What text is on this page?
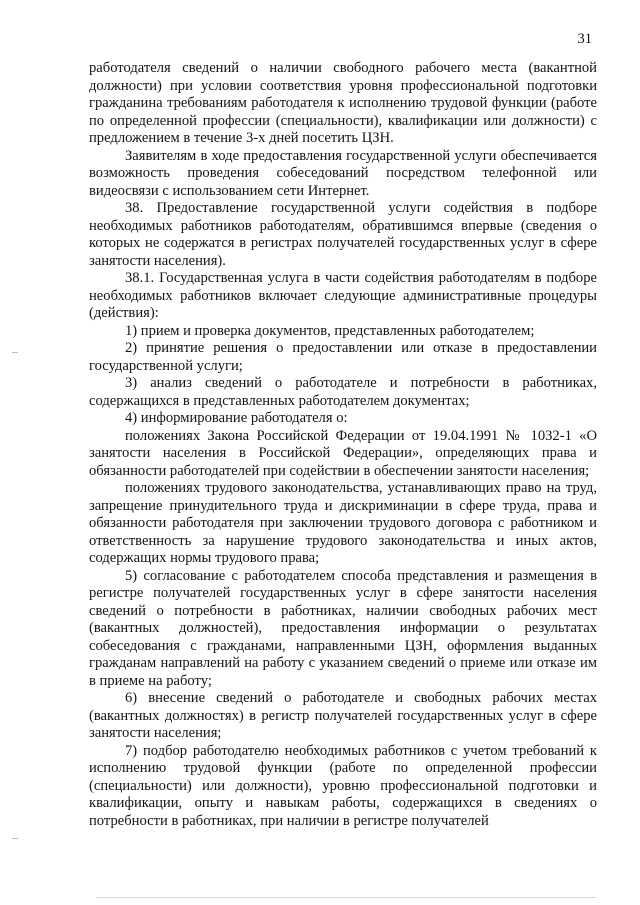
31

работодателя сведений о наличии свободного рабочего места (вакантной должности) при условии соответствия уровня профессиональной подготовки гражданина требованиям работодателя к исполнению трудовой функции (работе по определенной профессии (специальности), квалификации или должности) с предложением в течение 3-х дней посетить ЦЗН.

Заявителям в ходе предоставления государственной услуги обеспечивается возможность проведения собеседований посредством телефонной или видеосвязи с использованием сети Интернет.

38. Предоставление государственной услуги содействия в подборе необходимых работников работодателям, обратившимся впервые (сведения о которых не содержатся в регистрах получателей государственных услуг в сфере занятости населения).

38.1. Государственная услуга в части содействия работодателям в подборе необходимых работников включает следующие административные процедуры (действия):

1) прием и проверка документов, представленных работодателем;

2) принятие решения о предоставлении или отказе в предоставлении государственной услуги;

3) анализ сведений о работодателе и потребности в работниках, содержащихся в представленных работодателем документах;

4) информирование работодателя о:

положениях Закона Российской Федерации от 19.04.1991 № 1032-1 «О занятости населения в Российской Федерации», определяющих права и обязанности работодателей при содействии в обеспечении занятости населения;

положениях трудового законодательства, устанавливающих право на труд, запрещение принудительного труда и дискриминации в сфере труда, права и обязанности работодателя при заключении трудового договора с работником и ответственность за нарушение трудового законодательства и иных актов, содержащих нормы трудового права;

5) согласование с работодателем способа представления и размещения в регистре получателей государственных услуг в сфере занятости населения сведений о потребности в работниках, наличии свободных рабочих мест (вакантных должностей), предоставления информации о результатах собеседования с гражданами, направленными ЦЗН, оформления выданных гражданам направлений на работу с указанием сведений о приеме или отказе им в приеме на работу;

6) внесение сведений о работодателе и свободных рабочих местах (вакантных должностях) в регистр получателей государственных услуг в сфере занятости населения;

7) подбор работодателю необходимых работников с учетом требований к исполнению трудовой функции (работе по определенной профессии (специальности) или должности), уровню профессиональной подготовки и квалификации, опыту и навыкам работы, содержащихся в сведениях о потребности в работниках, при наличии в регистре получателей
